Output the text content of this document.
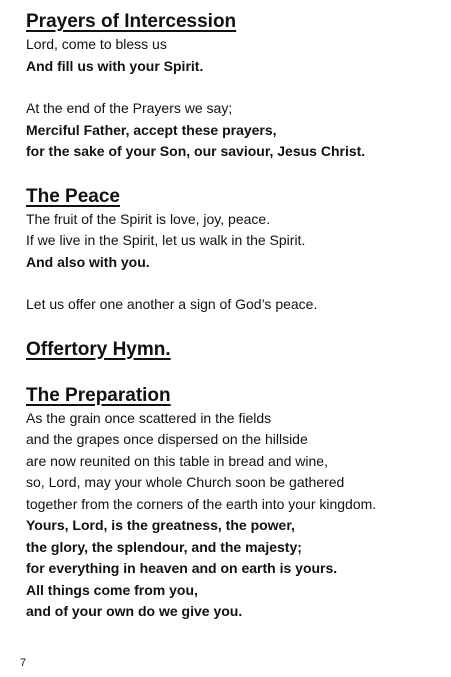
Prayers of Intercession

Lord, come to bless us

And fill us with your Spirit.

At the end of the Prayers we say;

Merciful Father, accept these prayers,

for the sake of your Son, our saviour, Jesus Christ.

The Peace

The fruit of the Spirit is love, joy, peace.

If we live in the Spirit, let us walk in the Spirit.

And also with you.

Let us offer one another a sign of God’s peace.

Offertory Hymn.
The Preparation

As the grain once scattered in the fields

and the grapes once dispersed on the hillside

are now reunited on this table in bread and wine,

so, Lord, may your whole Church soon be gathered

together from the corners of the earth into your kingdom.

Yours, Lord, is the greatness, the power,

the glory, the splendour, and the majesty;

for everything in heaven and on earth is yours.

All things come from you,

and of your own do we give you.

7
